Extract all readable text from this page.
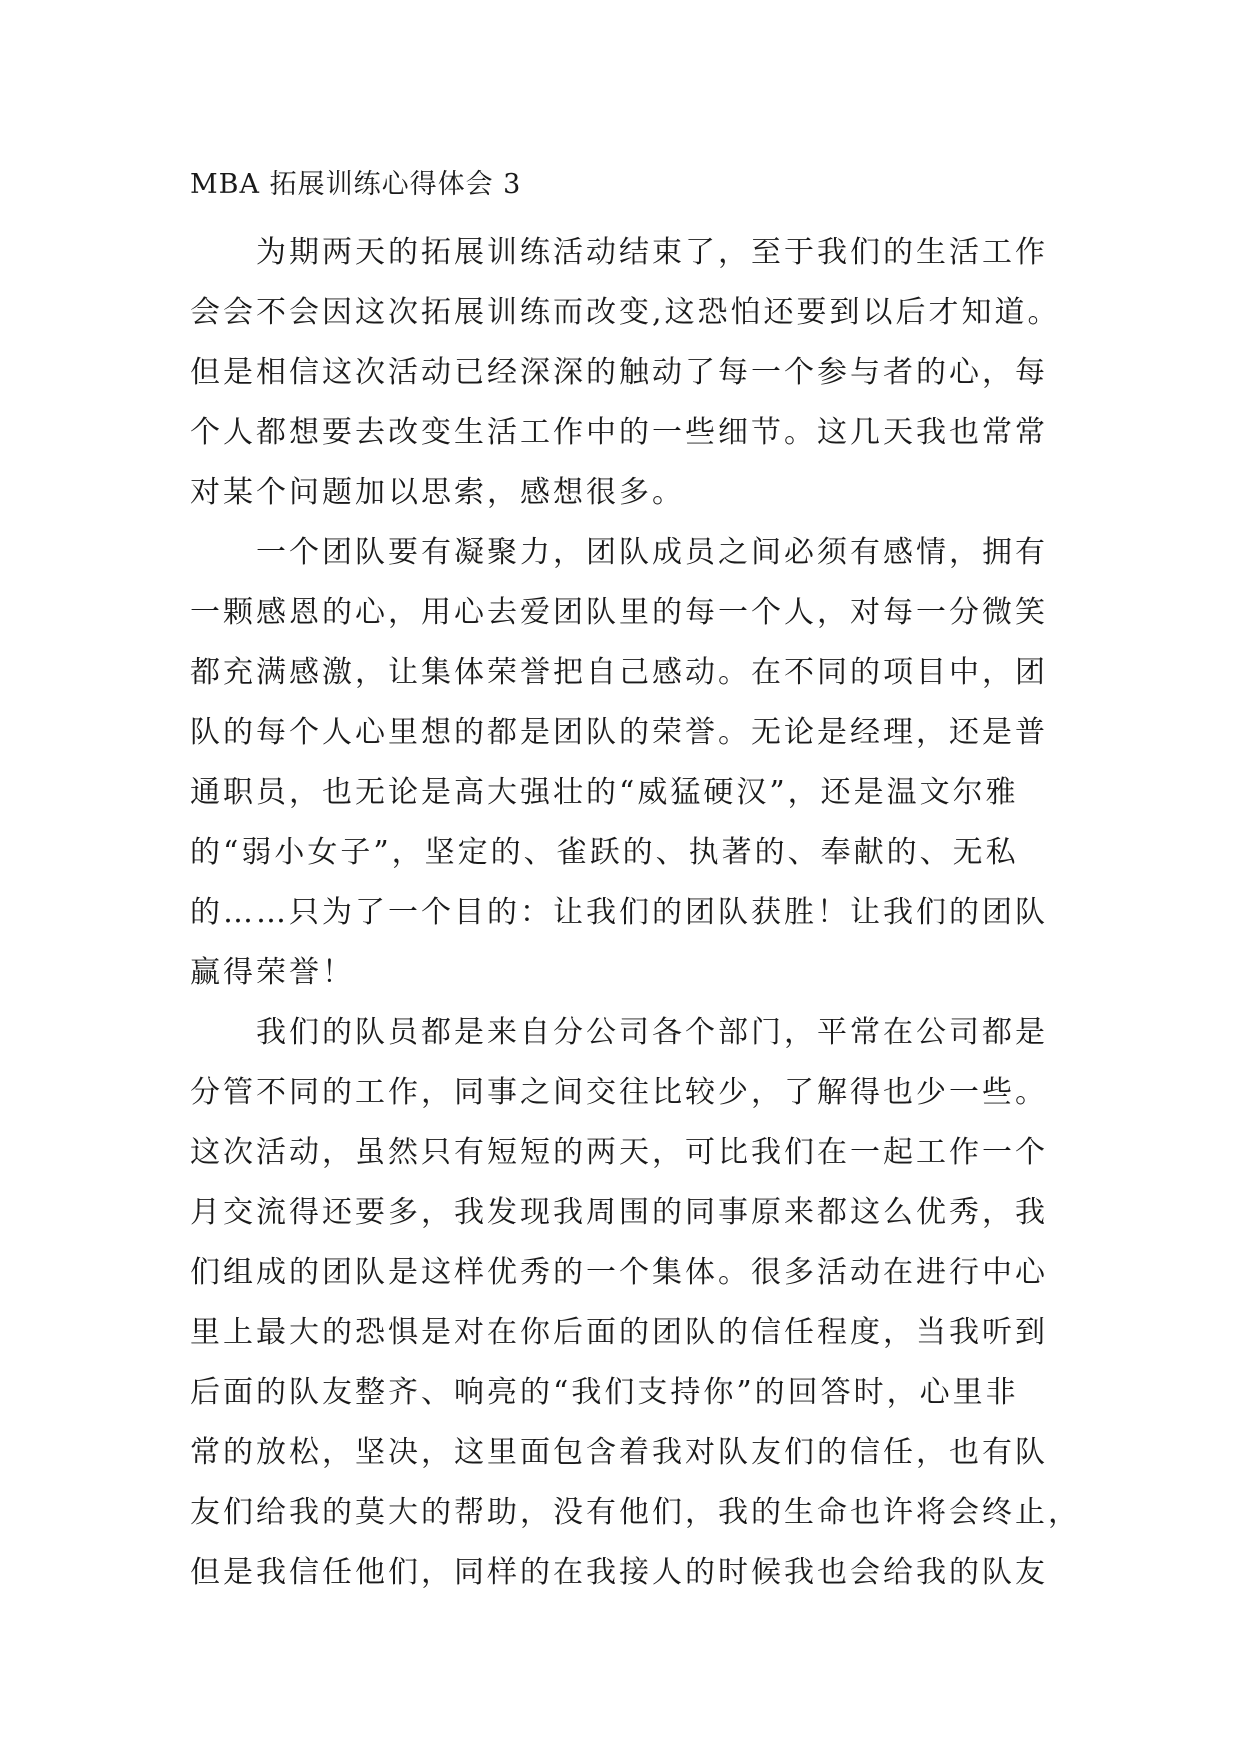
MBA 拓展训练心得体会 3
为期两天的拓展训练活动结束了，至于我们的生活工作
会会不会因这次拓展训练而改变,这恐怕还要到以后才知道。
但是相信这次活动已经深深的触动了每一个参与者的心，每
个人都想要去改变生活工作中的一些细节。这几天我也常常
对某个问题加以思索，感想很多。
一个团队要有凝聚力，团队成员之间必须有感情，拥有
一颗感恩的心，用心去爱团队里的每一个人，对每一分微笑
都充满感激，让集体荣誉把自己感动。在不同的项目中，团
队的每个人心里想的都是团队的荣誉。无论是经理，还是普
通职员，也无论是高大强壮的“威猛硬汉”，还是温文尔雅
的“弱小女子”，坚定的、雀跃的、执著的、奉献的、无私
的……只为了一个目的：让我们的团队获胜！让我们的团队
赢得荣誉！
我们的队员都是来自分公司各个部门，平常在公司都是
分管不同的工作，同事之间交往比较少，了解得也少一些。
这次活动，虽然只有短短的两天，可比我们在一起工作一个
月交流得还要多，我发现我周围的同事原来都这么优秀，我
们组成的团队是这样优秀的一个集体。很多活动在进行中心
里上最大的恐惧是对在你后面的团队的信任程度，当我听到
后面的队友整齐、响亮的“我们支持你”的回答时，心里非
常的放松，坚决，这里面包含着我对队友们的信任，也有队
友们给我的莫大的帮助，没有他们，我的生命也许将会终止，
但是我信任他们，同样的在我接人的时候我也会给我的队友
